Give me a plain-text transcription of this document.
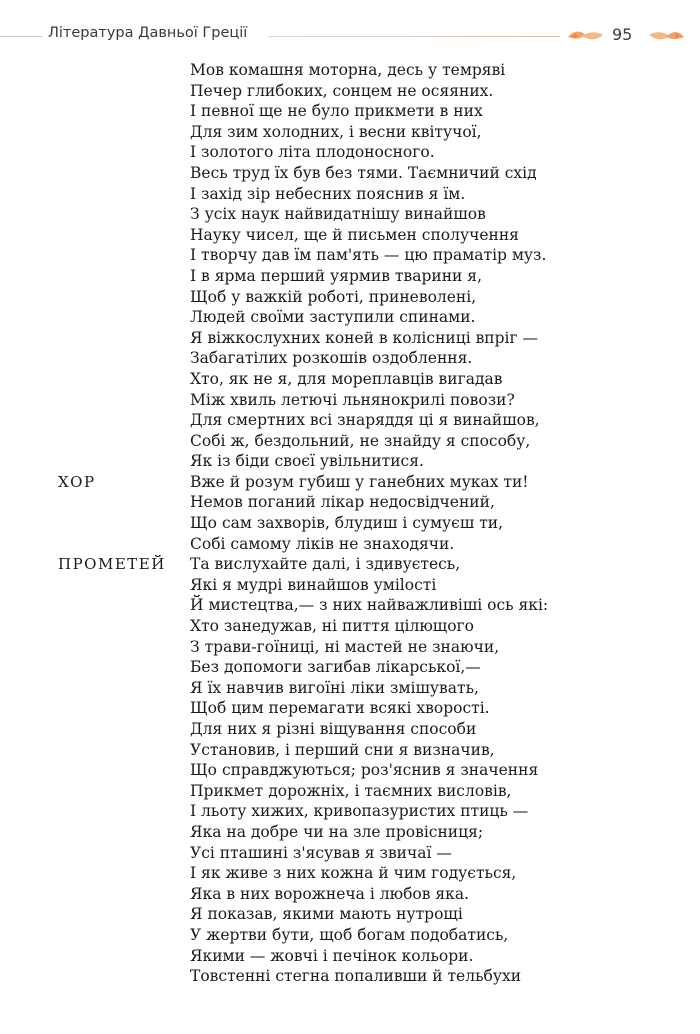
Література Давньої Греції	95
Мов комашня моторна, десь у темряві
Печер глибоких, сонцем не осяяних.
І певної ще не було прикмети в них
Для зим холодних, і весни квітучої,
І золотого літа плодоносного.
Весь труд їх був без тями. Таємничий схід
І захід зір небесних пояснив я їм.
З усіх наук найвидатнішу винайшов
Науку чисел, ще й письмен сполучення
І творчу дав їм пам'ять — цю праматір муз.
І в ярма перший уярмив тварини я,
Щоб у важкій роботі, приневолені,
Людей своїми заступили спинами.
Я віжкослухних коней в колісниці впріг —
Забагатілих розкошів оздоблення.
Хто, як не я, для мореплавців вигадав
Між хвиль летючі льнянокрилі повози?
Для смертних всі знаряддя ці я винайшов,
Собі ж, бездольний, не знайду я способу,
Як із біди своєї увільнитися.
ХОР	Вже й розум губиш у ганебних муках ти!
Немов поганий лікар недосвідчений,
Що сам захворів, блудиш і сумуєш ти,
Собі самому ліків не знаходячи.
ПРОМЕТЕЙ Та вислухайте далі, і здивуєтесь,
Які я мудрі винайшов уміlості
Й мистецтва,— з них найважливіші ось які:
Хто занедужав, ні пиття цілющого
З трави-гоїниці, ні мастей не знаючи,
Без допомоги загибав лікарської,—
Я їх навчив вигоїні ліки змішувать,
Щоб цим перемагати всякі хворості.
Для них я різні віщування способи
Установив, і перший сни я визначив,
Що справджуються; роз'яснив я значення
Прикмет дорожніх, і таємних висловів,
І льоту хижих, кривопазуристих птиць —
Яка на добре чи на зле провісниця;
Усі пташині з'ясував я звичаї —
І як живе з них кожна й чим годується,
Яка в них ворожнеча і любов яка.
Я показав, якими мають нутрощі
У жертви бути, щоб богам подобатись,
Якими — жовчі і печінок кольори.
Товстенні стегна попаливши й тельбухи
